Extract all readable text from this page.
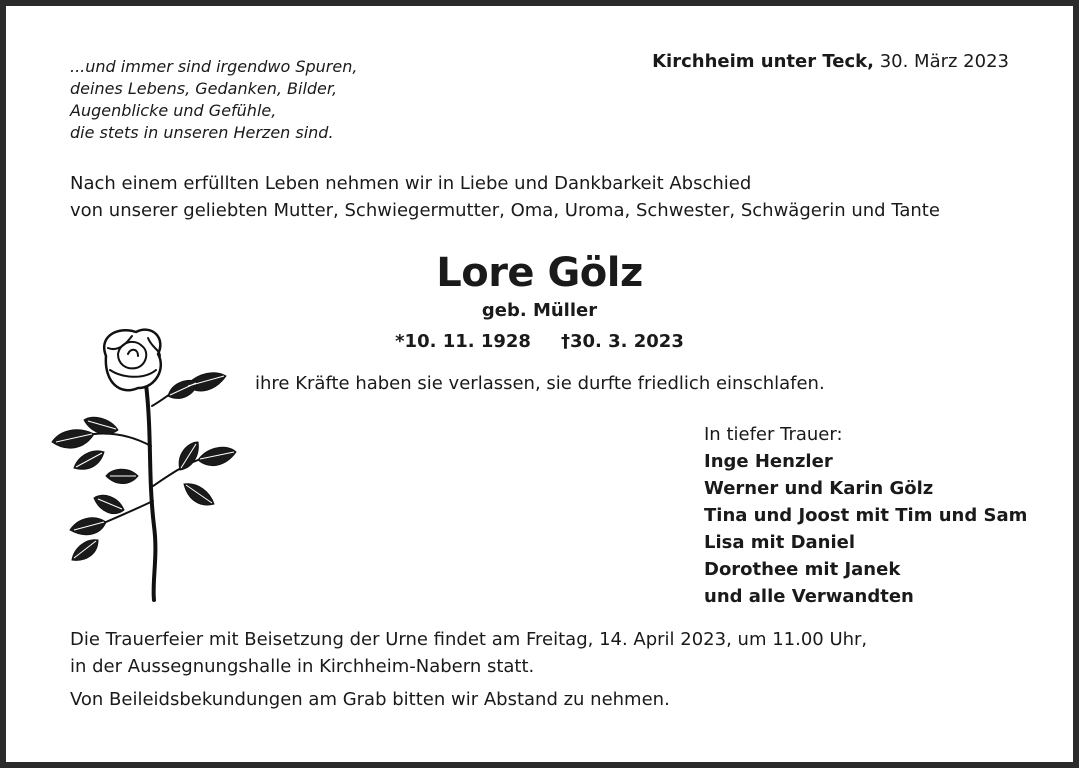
...und immer sind irgendwo Spuren,
deines Lebens, Gedanken, Bilder,
Augenblicke und Gefühle,
die stets in unseren Herzen sind.
Kirchheim unter Teck, 30. März 2023
Nach einem erfüllten Leben nehmen wir in Liebe und Dankbarkeit Abschied
von unserer geliebten Mutter, Schwiegermutter, Oma, Uroma, Schwester, Schwägerin und Tante
Lore Gölz
geb. Müller
*10. 11. 1928 †30. 3. 2023
ihre Kräfte haben sie verlassen, sie durfte friedlich einschlafen.
In tiefer Trauer:
Inge Henzler
Werner und Karin Gölz
Tina und Joost mit Tim und Sam
Lisa mit Daniel
Dorothee mit Janek
und alle Verwandten
Die Trauerfeier mit Beisetzung der Urne findet am Freitag, 14. April 2023, um 11.00 Uhr,
in der Aussegnungshalle in Kirchheim-Nabern statt.
Von Beileidsbekundungen am Grab bitten wir Abstand zu nehmen.
